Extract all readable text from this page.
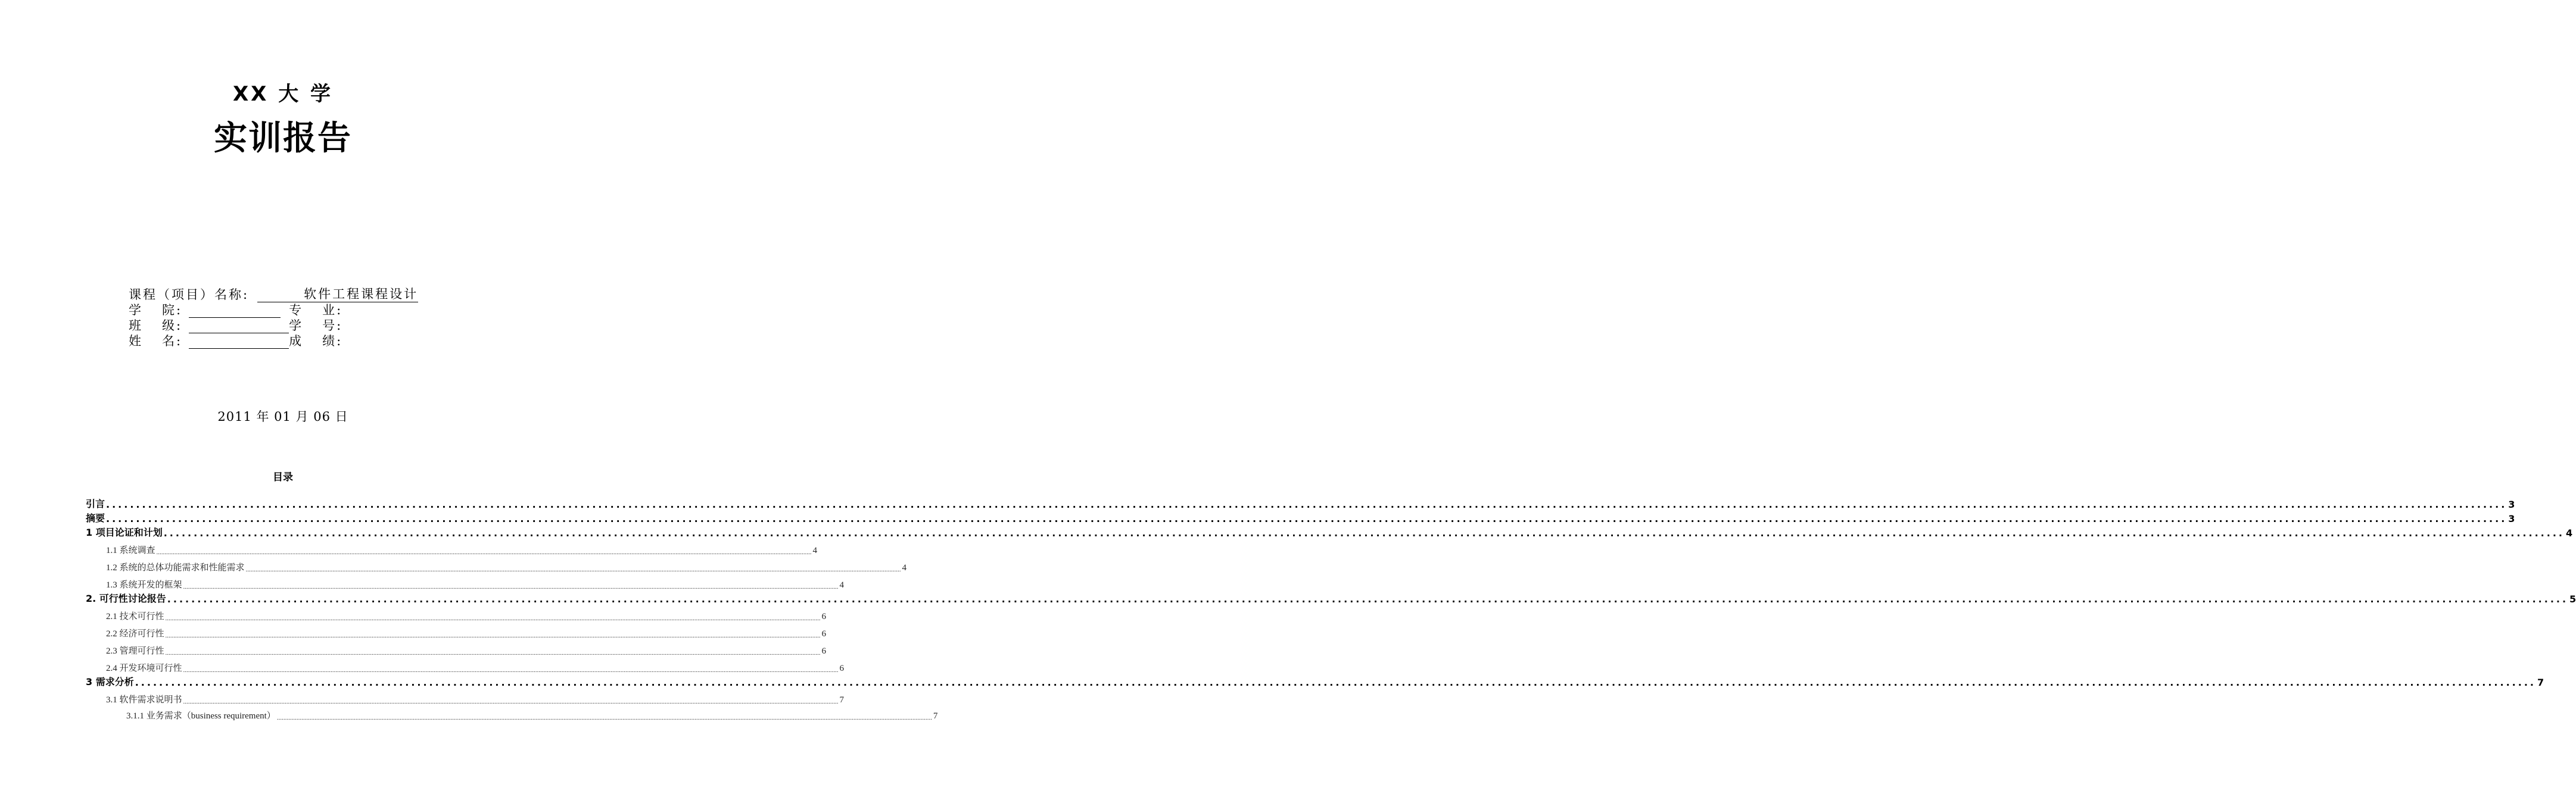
XX 大 学
实训报告
课程（项目）名称:	软件工程课程设计
学　院 :	专　业 :
班　级 :	学　号 :
姓　名 :	成　绩 :
2011 年 01 月 06 日
目录
引言 ................................................................................................................................................................................................................................................................................................................................................................................................................ 3
摘要 ................................................................................................................................................................................................................................................................................................................................................................................................................ 3
1 项目论证和计划 ................................................................................................................................................................................................................................................................................................................................................................................................................ 4
1.1 系统调查 ................................................................................................................................................................................................................................................................................................................................................................................................................ 4
1.2 系统的总体功能需求和性能需求 ................................................................................................................................................................................................................................................................................................................................................................................................................ 4
1.3 系统开发的框架 ................................................................................................................................................................................................................................................................................................................................................................................................................ 4
2. 可行性讨论报告 ................................................................................................................................................................................................................................................................................................................................................................................................................ 5
2.1 技术可行性 ................................................................................................................................................................................................................................................................................................................................................................................................................ 6
2.2 经济可行性 ................................................................................................................................................................................................................................................................................................................................................................................................................ 6
2.3 管理可行性 ................................................................................................................................................................................................................................................................................................................................................................................................................ 6
2.4 开发环境可行性 ................................................................................................................................................................................................................................................................................................................................................................................................................ 6
3 需求分析 ................................................................................................................................................................................................................................................................................................................................................................................................................ 7
3.1 软件需求说明书 ................................................................................................................................................................................................................................................................................................................................................................................................................ 7
3.1.1 业务需求（business requirement） ................................................................................................................................................................................................................................................................................................................................................................................................................ 7
